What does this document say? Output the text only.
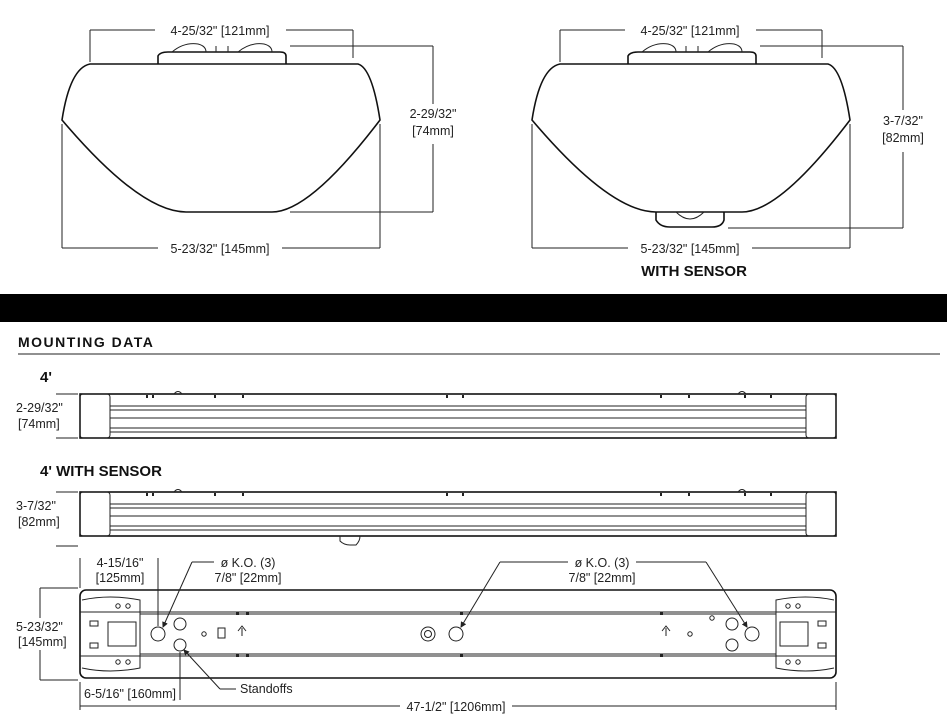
4-25/32" [121mm]
2-29/32"
[74mm]
5-23/32" [145mm]
4-25/32" [121mm]
3-7/32"
[82mm]
5-23/32" [145mm]
WITH SENSOR
MOUNTING DATA
4'
2-29/32"
[74mm]
4' WITH SENSOR
3-7/32"
[82mm]
5-23/32"
[145mm]
4-15/16"
[125mm]
ø K.O. (3)
7/8" [22mm]
ø K.O. (3)
7/8" [22mm]
Standoffs
6-5/16" [160mm]
47-1/2" [1206mm]
